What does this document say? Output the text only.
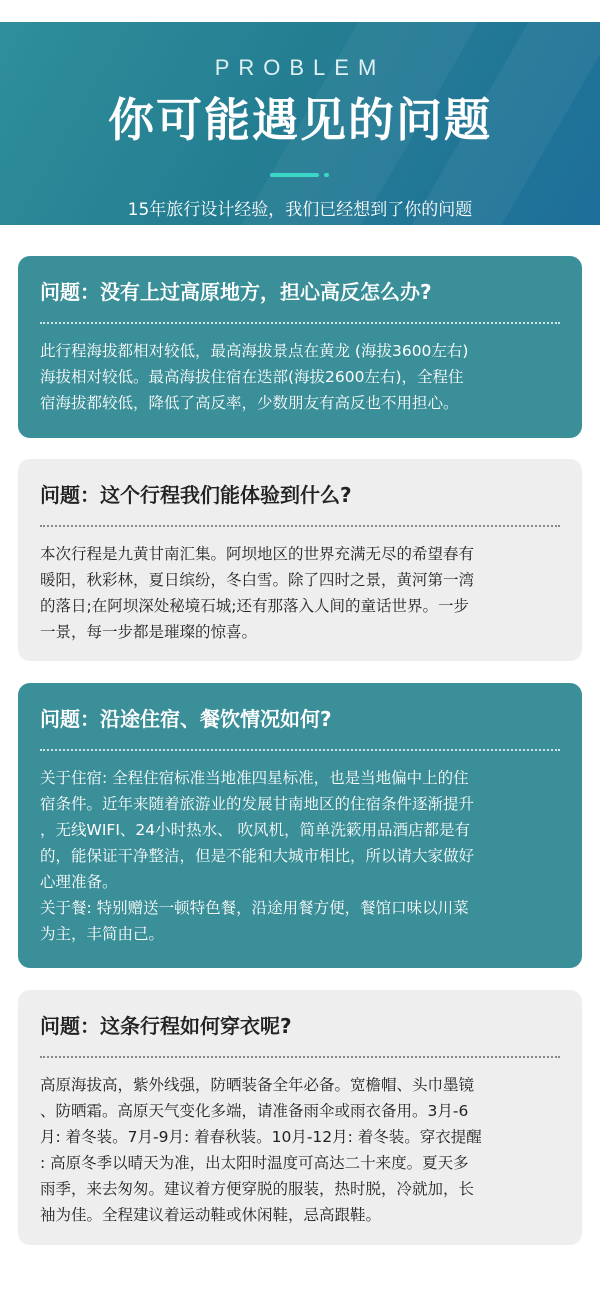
PROBLEM
你可能遇见的问题
15年旅行设计经验，我们已经想到了你的问题
问题：没有上过高原地方，担心高反怎么办?

此行程海拔都相对较低，最高海拔景点在黄龙 (海拔3600左右)

海拔相对较低。最高海拔住宿在迭部(海拔2600左右)，全程住

宿海拔都较低，降低了高反率，少数朋友有高反也不用担心。

问题：这个行程我们能体验到什么?

本次行程是九黄甘南汇集。阿坝地区的世界充满无尽的希望春有

暖阳，秋彩林，夏日缤纷，冬白雪。除了四时之景，黄河第一湾

的落日;在阿坝深处秘境石城;还有那落入人间的童话世界。一步

一景，每一步都是璀璨的惊喜。

问题：沿途住宿、餐饮情况如何?

关于住宿: 全程住宿标准当地准四星标准，也是当地偏中上的住

宿条件。近年来随着旅游业的发展甘南地区的住宿条件逐渐提升

，无线WIFI、24小时热水、 吹风机，简单洗簌用品酒店都是有

的，能保证干净整洁，但是不能和大城市相比，所以请大家做好

心理准备。

关于餐: 特别赠送一顿特色餐，沿途用餐方便，餐馆口味以川菜

为主，丰简由己。

问题：这条行程如何穿衣呢?

高原海拔高，紫外线强，防晒装备全年必备。宽檐帽、头巾墨镜

、防晒霜。高原天气变化多端，请准备雨伞或雨衣备用。3月-6

月: 着冬装。7月-9月: 着春秋装。10月-12月: 着冬装。穿衣提醒

: 高原冬季以晴天为准，出太阳时温度可高达二十来度。夏天多

雨季，来去匆匆。建议着方便穿脱的服装，热时脱，冷就加，长

袖为佳。全程建议着运动鞋或休闲鞋，忌高跟鞋。
